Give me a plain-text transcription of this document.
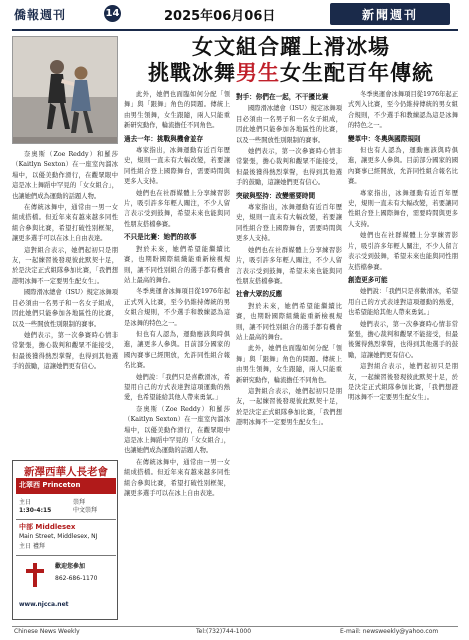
僑報週刊	14	2025年06月06日	新聞週刊
女文組合躍上滑冰場
挑戰冰舞男生女生配百年傳統

奈奧斯（Zoe Reddy）和羅莎（Kaitlyn Sexton）在一座室內溜冰場中，以優美動作滑行，在觀眾眼中這是冰上舞蹈中罕見的「女女組合」，也讓她們成為運動的話題人物。

在傳統冰舞中，通常由一男一女組成搭檔。但近年來有越來越多同性組合參與比賽，希望打破性別框架，讓更多選手可以在冰上自由表達。

這對組合表示，她們起初只是朋友，一起練習後發現彼此默契十足，於是決定正式組隊參加比賽，「我們想證明冰舞不一定要男生配女生」。

國際滑冰總會（ISU）規定冰舞項目必須由一名男子和一名女子組成，因此她們只能參加各地區性的比賽，以及一些開放性別限制的賽事。

她們表示，第一次參賽時心情非常緊張，擔心裁判和觀眾不能接受，但最後獲得熱烈掌聲，也得到其他選手的鼓勵，這讓她們更有信心。

此外，她們也面臨如何分配「領舞」與「跟舞」角色的問題。傳統上由男生領舞，女生跟隨，兩人只能重新研究動作，輪流擔任不同角色。

過去一年：挑戰與機會並存

專家指出，冰舞運動有近百年歷史，規則一直未有大幅改變，若要讓同性組合登上國際舞台，需要時間與更多人支持。

她們也在社群媒體上分享練習影片，吸引許多年輕人關注，不少人留言表示受到鼓舞，希望未來也能與同性朋友搭檔參賽。

不只是比賽：她們的故事

對於未來，她們希望能繼續比賽，也期盼國際組織能重新檢視規則，讓不同性別組合的選手都有機會站上最高的舞台。

冬季奧運會冰舞項目從1976年起正式列入比賽，至今仍維持傳統的男女組合規則，不少選手和教練認為這是冰舞的特色之一。

但也有人認為，運動應該與時俱進，讓更多人參與。目前部分國家的國內賽事已經開放，允許同性組合報名比賽。

她們說：「我們只是喜歡滑冰，希望用自己的方式表達對這項運動的熱愛，也希望能給其他人帶來勇氣。」

奈奧斯（Zoe Reddy）和羅莎（Kaitlyn Sexton）在一座室內溜冰場中，以優美動作滑行，在觀眾眼中這是冰上舞蹈中罕見的「女女組合」，也讓她們成為運動的話題人物。

在傳統冰舞中，通常由一男一女組成搭檔。但近年來有越來越多同性組合參與比賽，希望打破性別框架，讓更多選手可以在冰上自由表達。

對手：你們在一起，不干擾比賽

國際滑冰總會（ISU）規定冰舞項目必須由一名男子和一名女子組成，因此她們只能參加各地區性的比賽，以及一些開放性別限制的賽事。

她們表示，第一次參賽時心情非常緊張，擔心裁判和觀眾不能接受，但最後獲得熱烈掌聲，也得到其他選手的鼓勵，這讓她們更有信心。

突破與堅持：改變需要時間

專家指出，冰舞運動有近百年歷史，規則一直未有大幅改變，若要讓同性組合登上國際舞台，需要時間與更多人支持。

她們也在社群媒體上分享練習影片，吸引許多年輕人關注，不少人留言表示受到鼓舞，希望未來也能與同性朋友搭檔參賽。

社會大眾的反應

對於未來，她們希望能繼續比賽，也期盼國際組織能重新檢視規則，讓不同性別組合的選手都有機會站上最高的舞台。

此外，她們也面臨如何分配「領舞」與「跟舞」角色的問題。傳統上由男生領舞，女生跟隨，兩人只能重新研究動作，輪流擔任不同角色。

這對組合表示，她們起初只是朋友，一起練習後發現彼此默契十足，於是決定正式組隊參加比賽，「我們想證明冰舞不一定要男生配女生」。

冬季奧運會冰舞項目從1976年起正式列入比賽，至今仍維持傳統的男女組合規則，不少選手和教練認為這是冰舞的特色之一。

變革中：冬奧與國際規則

但也有人認為，運動應該與時俱進，讓更多人參與。目前部分國家的國內賽事已經開放，允許同性組合報名比賽。

專家指出，冰舞運動有近百年歷史，規則一直未有大幅改變，若要讓同性組合登上國際舞台，需要時間與更多人支持。

她們也在社群媒體上分享練習影片，吸引許多年輕人關注，不少人留言表示受到鼓舞，希望未來也能與同性朋友搭檔參賽。

創造更多可能

她們說：「我們只是喜歡滑冰，希望用自己的方式表達對這項運動的熱愛，也希望能給其他人帶來勇氣。」

她們表示，第一次參賽時心情非常緊張，擔心裁判和觀眾不能接受，但最後獲得熱烈掌聲，也得到其他選手的鼓勵，這讓她們更有信心。

這對組合表示，她們起初只是朋友，一起練習後發現彼此默契十足，於是決定正式組隊參加比賽，「我們想證明冰舞不一定要男生配女生」。

新澤西華人長老會
北翠西 Princeton
主日
1:30-4:15
崇拜
中文崇拜
中部 Middlesex
Main Street, Middlesex, NJ
主日 禮拜
歡迎您參加
862-686-1170
www.njcca.net
Chinese News Weekly	Tel:(732)744-1000	E-mail: newsweekly@yahoo.com
